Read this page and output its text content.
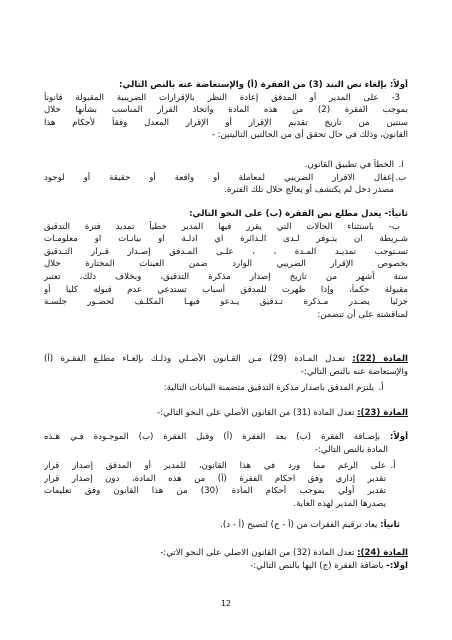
أولاً: بإلغاء نص البند (3) من الفقرة (أ) والإستعاضة عنه بالنص التالي:
3- على المدير أو المدقق إعادة النظر بالإقرارات الضريبية المقبولة قانوناً
بموجب الفقرة (2) من هذه المادة واتخاذ القرار المناسب بشأنها خلال
سنتين من تاريخ تقديم الإقرار أو الإقرار المعدل وفقاً لأحكام هذا
القانون، وذلك في حال تحقق أي من الحالتين التاليتين: -
ا.
الخطأ في تطبيق القانون.
ب.
إغفال الاقرار الضريبي لمعاملة أو واقعة أو حقيقة أو لوجود
مصدر دخل لم يكتشف أو يعالج خلال تلك الفترة.
ثانياً:- يعدل مطلع نص الفقرة (ب) على النحو التالي:
ب- باستثناء الحالات التي يقرر فيها المدير خطياً تمديد فترة التدقيق
شـريطة ان يتـوفر لـدى الـدائرة اي ادلـة او بيانـات او معلومـات
تسـتوجب تمديـد المـدة ، ، علـى المـدقق إصـدار قـرار التـدقيق
بخصوص الإقرار الضريبي الوارد ضمن العينات المختارة خلال
ستة أشهر من تاريخ إصدار مذكرة التدقيق، وبخلاف ذلك، تعتبر
مقبولة حكماً، وإذا ظهرت للمدقق أسباب تستدعي عدم قبوله كليا أو
جزئيا يصـدر مـذكرة تـدقيق يـدعو فيهـا المكلـف لحضـور جلسـة
لمناقشته على أن تتضمن:
المادة (22): تعـدل المـادة (29) مـن القـانون الأصـلي وذلـك بإلغـاء مطلـع الفقـرة (أ)
والإستعاضة عنه بالنص التالي:-
أ.
يلتزم المدقق باصدار مذكرة التدقيق متضمنة البيانات التالية:
المادة (23): تعدل المادة (31) من القانون الأصلي على النحو التالي:-
أولاً: بإضـافة الفقرة (ب) بعد الفقرة (أ) وقبل الفقرة (ب) الموجـودة فـي هـذه
المادة بالنص التالي:-
أ.
على الرغم مما ورد في هذا القانون، للمدير أو المدقق إصدار قرار
تقدير إداري وفق احكام الفقرة (أ) من هذه المادة، دون إصدار قرار
تقدير أولي بموجب أحكام المادة (30) من هذا القانون وفق تعليمات
يصدرها المدير لهذه الغاية.
ثانياً: يعاد ترقيم الفقرات من (أ - ج) لتصبح (أ - د).
المادة (24): تعدل المادة (32) من القانون الاصلي على النحو الاتي:-
اولا:- باضافة الفقرة (ج) اليها بالنص التالي:-
12
